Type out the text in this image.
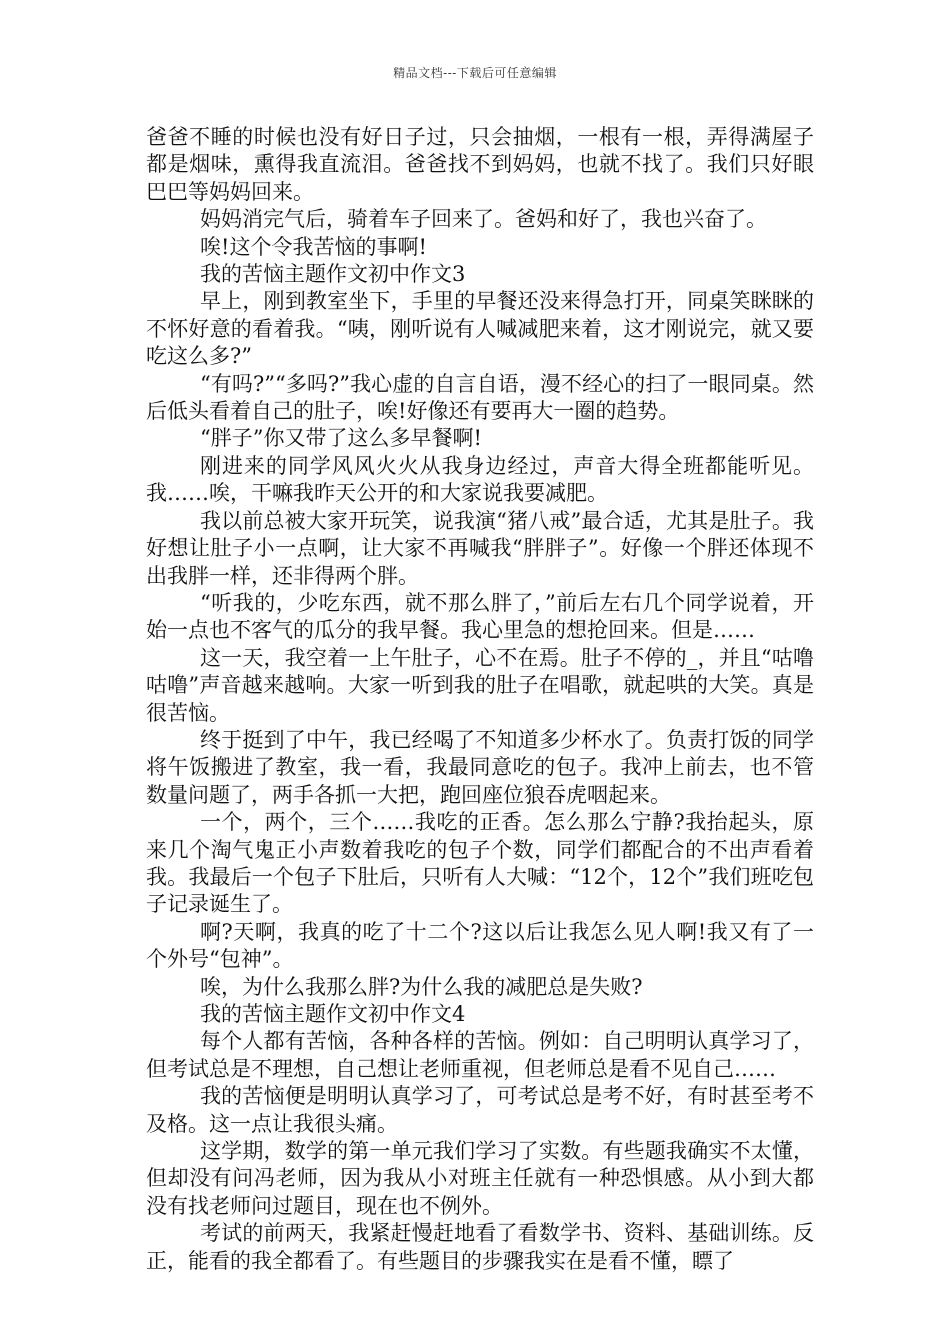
精品文档---下载后可任意编辑

爸爸不睡的时候也没有好日子过，只会抽烟，一根有一根，弄得满屋子都是烟味，熏得我直流泪。爸爸找不到妈妈，也就不找了。我们只好眼巴巴等妈妈回来。

妈妈消完气后，骑着车子回来了。爸妈和好了，我也兴奋了。

唉!这个令我苦恼的事啊!

我的苦恼主题作文初中作文3

早上，刚到教室坐下，手里的早餐还没来得急打开，同桌笑眯眯的不怀好意的看着我。“咦，刚听说有人喊减肥来着，这才刚说完，就又要吃这么多?”

“有吗?”“多吗?”我心虚的自言自语，漫不经心的扫了一眼同桌。然后低头看着自己的肚子，唉!好像还有要再大一圈的趋势。

“胖子”你又带了这么多早餐啊!

刚进来的同学风风火火从我身边经过，声音大得全班都能听见。我……唉，干嘛我昨天公开的和大家说我要减肥。

我以前总被大家开玩笑，说我演“猪八戒”最合适，尤其是肚子。我好想让肚子小一点啊，让大家不再喊我“胖胖子”。好像一个胖还体现不出我胖一样，还非得两个胖。

“听我的，少吃东西，就不那么胖了，”前后左右几个同学说着，开始一点也不客气的瓜分的我早餐。我心里急的想抢回来。但是……

这一天，我空着一上午肚子，心不在焉。肚子不停的_，并且“咕噜咕噜”声音越来越响。大家一听到我的肚子在唱歌，就起哄的大笑。真是很苦恼。

终于挺到了中午，我已经喝了不知道多少杯水了。负责打饭的同学将午饭搬进了教室，我一看，我最同意吃的包子。我冲上前去，也不管数量问题了，两手各抓一大把，跑回座位狼吞虎咽起来。

一个，两个，三个……我吃的正香。怎么那么宁静?我抬起头，原来几个淘气鬼正小声数着我吃的包子个数，同学们都配合的不出声看着我。我最后一个包子下肚后，只听有人大喊：“12个，12个”我们班吃包子记录诞生了。

啊?天啊，我真的吃了十二个?这以后让我怎么见人啊!我又有了一个外号“包神”。

唉，为什么我那么胖?为什么我的减肥总是失败?

我的苦恼主题作文初中作文4

每个人都有苦恼，各种各样的苦恼。例如：自己明明认真学习了，但考试总是不理想，自己想让老师重视，但老师总是看不见自己……

我的苦恼便是明明认真学习了，可考试总是考不好，有时甚至考不及格。这一点让我很头痛。

这学期，数学的第一单元我们学习了实数。有些题我确实不太懂，但却没有问冯老师，因为我从小对班主任就有一种恐惧感。从小到大都没有找老师问过题目，现在也不例外。

考试的前两天，我紧赶慢赶地看了看数学书、资料、基础训练。反正，能看的我全都看了。有些题目的步骤我实在是看不懂，瞟了
